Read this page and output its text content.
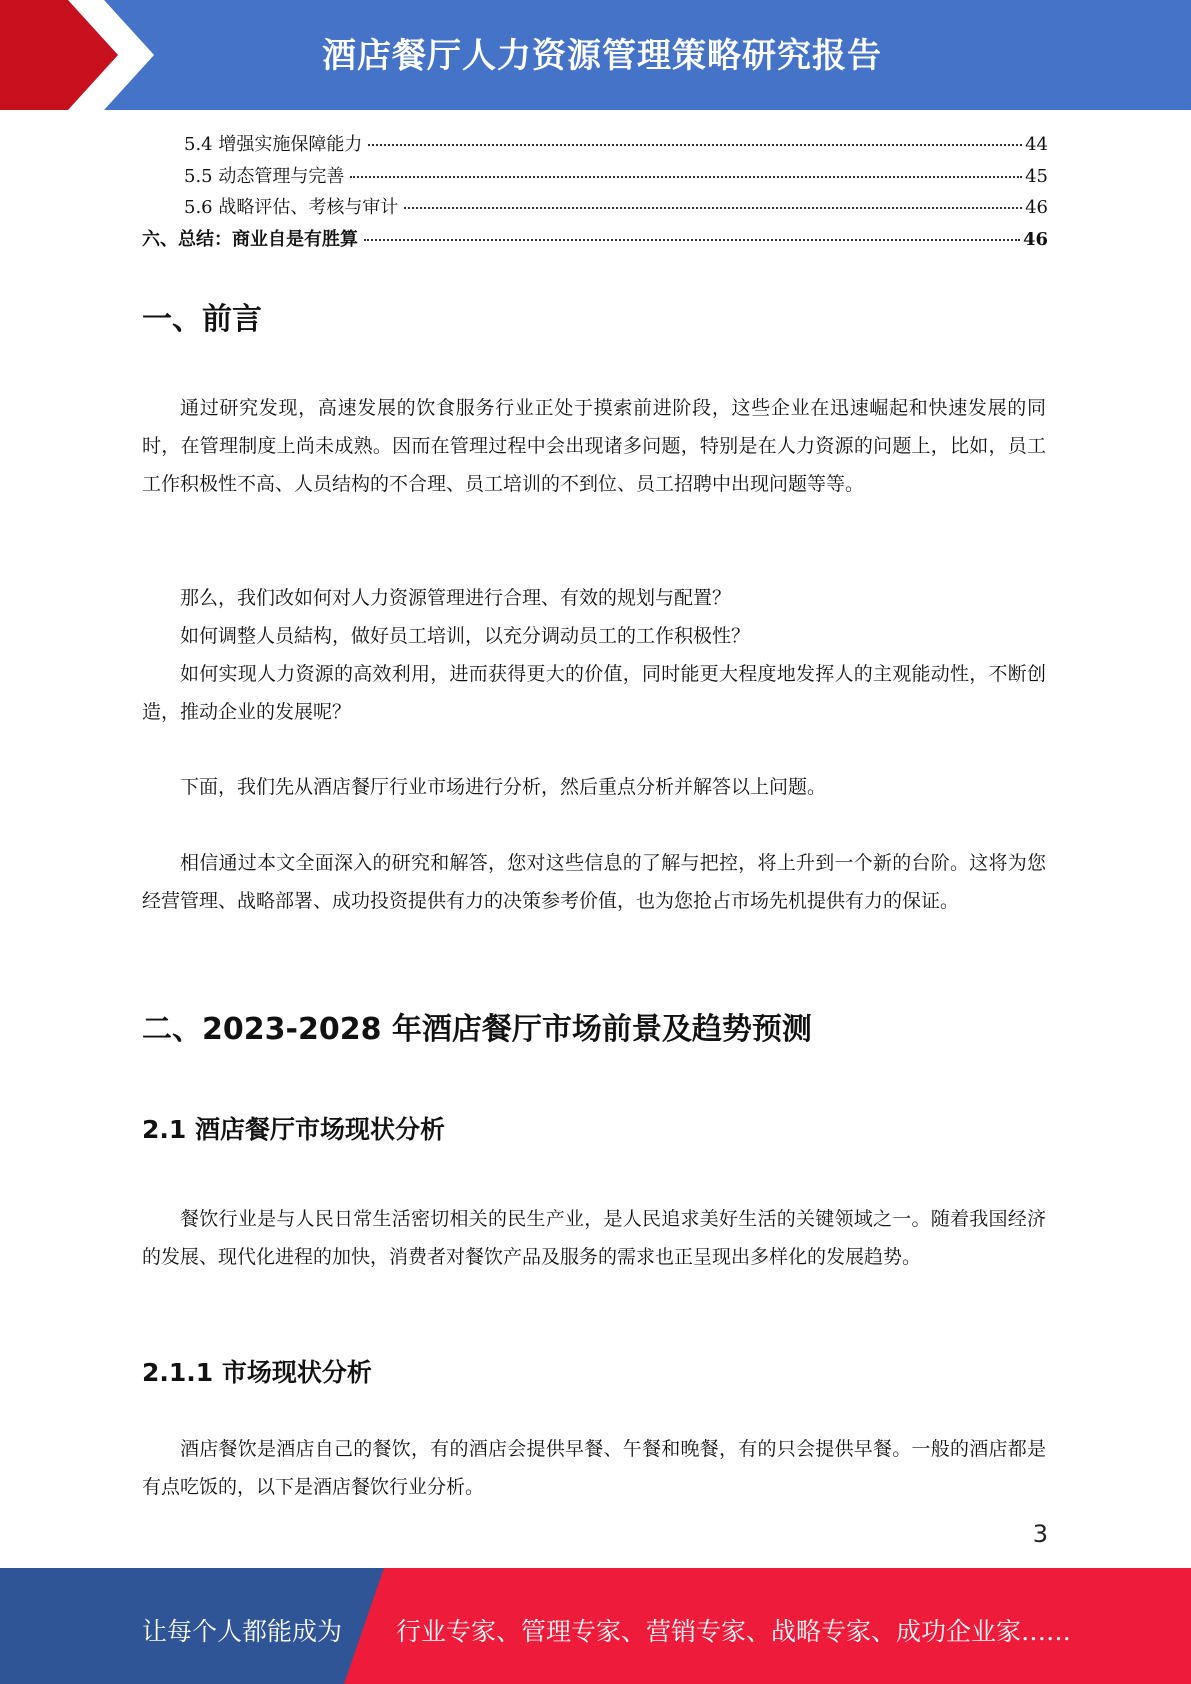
酒店餐厅人力资源管理策略研究报告
5.4 增强实施保障能力	44
5.5 动态管理与完善	45
5.6 战略评估、考核与审计	46
六、总结：商业自是有胜算	46
一、前言

通过研究发现，高速发展的饮食服务行业正处于摸索前进阶段，这些企业在迅速崛起和快速发展的同时，在管理制度上尚未成熟。因而在管理过程中会出现诸多问题，特别是在人力资源的问题上，比如，员工工作积极性不高、人员结构的不合理、员工培训的不到位、员工招聘中出现问题等等。

那么，我们改如何对人力资源管理进行合理、有效的规划与配置？

如何调整人员結构，做好员工培训，以充分调动员工的工作积极性？

如何实现人力资源的高效利用，进而获得更大的价值，同时能更大程度地发挥人的主观能动性，不断创造，推动企业的发展呢？

下面，我们先从酒店餐厅行业市场进行分析，然后重点分析并解答以上问题。

相信通过本文全面深入的研究和解答，您对这些信息的了解与把控，将上升到一个新的台阶。这将为您经营管理、战略部署、成功投资提供有力的决策参考价值，也为您抢占市场先机提供有力的保证。

二、2023-2028 年酒店餐厅市场前景及趋势预测
2.1 酒店餐厅市场现状分析

餐饮行业是与人民日常生活密切相关的民生产业，是人民追求美好生活的关键领域之一。随着我国经济的发展、现代化进程的加快，消费者对餐饮产品及服务的需求也正呈现出多样化的发展趋势。

2.1.1 市场现状分析

酒店餐饮是酒店自己的餐饮，有的酒店会提供早餐、午餐和晚餐，有的只会提供早餐。一般的酒店都是有点吃饭的，以下是酒店餐饮行业分析。

3
让每个人都能成为 行业专家、管理专家、营销专家、战略专家、成功企业家……
